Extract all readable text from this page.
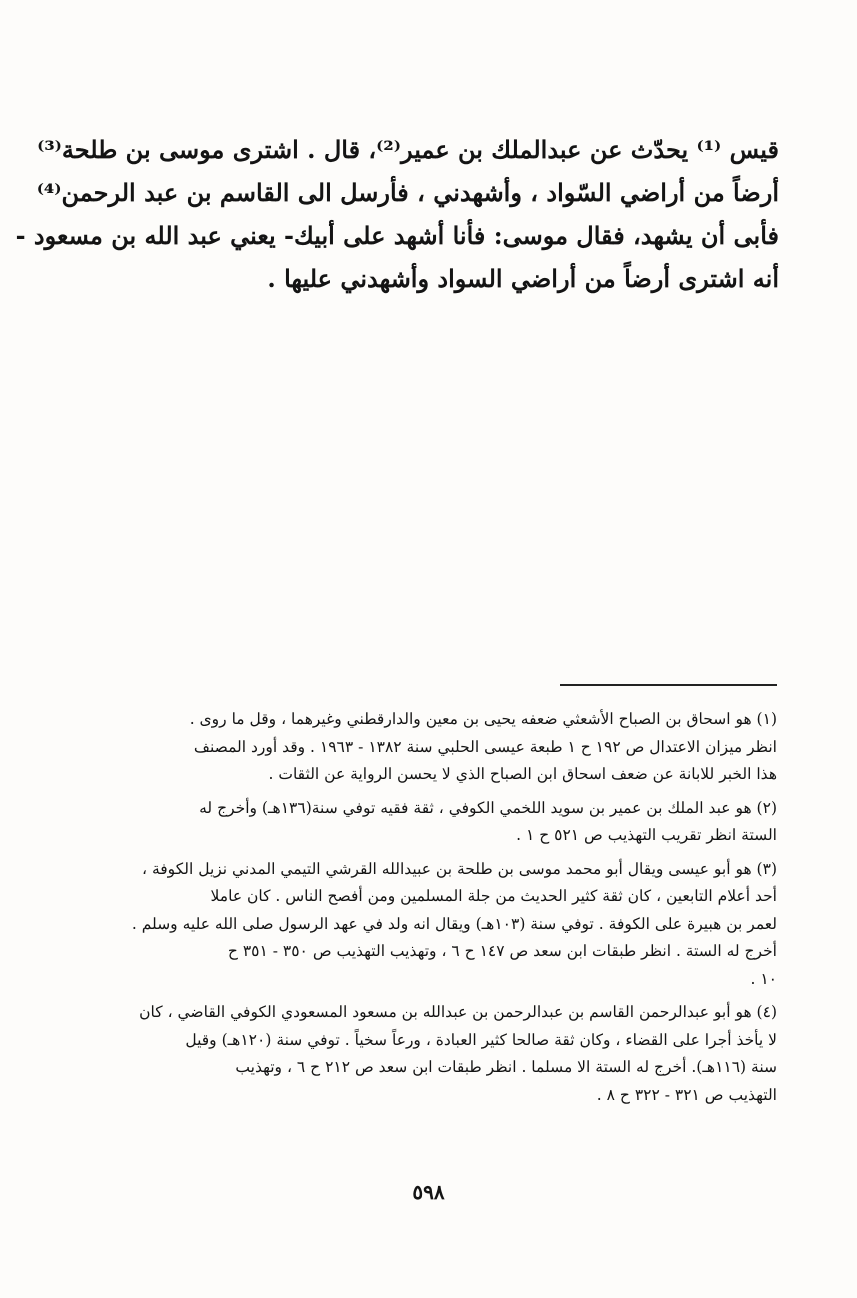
قيس ⁽¹⁾ يحدّث عن عبدالملك بن عمير⁽²⁾، قال . اشترى موسى بن طلحة⁽³⁾
أرضاً من أراضي السّواد ، وأشهدني ، فأرسل الى القاسم بن عبد الرحمن⁽⁴⁾
فأبى أن يشهد، فقال موسى: فأنا أشهد على أبيك- يعني عبد الله بن مسعود -
أنه اشترى أرضاً من أراضي السواد وأشهدني عليها .
(١) هو اسحاق بن الصباح الأشعثي ضعفه يحيى بن معين والدارقطني وغيرهما ، وقل ما روى .
انظر ميزان الاعتدال ص ١٩٢ ح ١ طبعة عيسى الحلبي سنة ١٣٨٢ - ١٩٦٣ . وقد أورد المصنف
هذا الخبر للابانة عن ضعف اسحاق ابن الصباح الذي لا يحسن الرواية عن الثقات .
(٢) هو عبد الملك بن عمير بن سويد اللخمي الكوفي ، ثقة فقيه توفي سنة(١٣٦هـ) وأخرج له
الستة انظر تقريب التهذيب ص ٥٢١ ح ١ .
(٣) هو أبو عيسى ويقال أبو محمد موسى بن طلحة بن عبيدالله القرشي التيمي المدني نزيل الكوفة ،
أحد أعلام التابعين ، كان ثقة كثير الحديث من جلة المسلمين ومن أفصح الناس . كان عاملا
لعمر بن هبيرة على الكوفة . توفي سنة (١٠٣هـ) ويقال انه ولد في عهد الرسول صلى الله عليه وسلم .
أخرج له الستة . انظر طبقات ابن سعد ص ١٤٧ ح ٦ ، وتهذيب التهذيب ص ٣٥٠ - ٣٥١ ح
١٠ .
(٤) هو أبو عبدالرحمن القاسم بن عبدالرحمن بن عبدالله بن مسعود المسعودي الكوفي القاضي ، كان
لا يأخذ أجرا على القضاء ، وكان ثقة صالحا كثير العبادة ، ورعاً سخياً . توفي سنة (١٢٠هـ) وقيل
سنة (١١٦هـ). أخرج له الستة الا مسلما . انظر طبقات ابن سعد ص ٢١٢ ح ٦ ، وتهذيب
التهذيب ص ٣٢١ - ٣٢٢ ح ٨ .
٥٩٨
